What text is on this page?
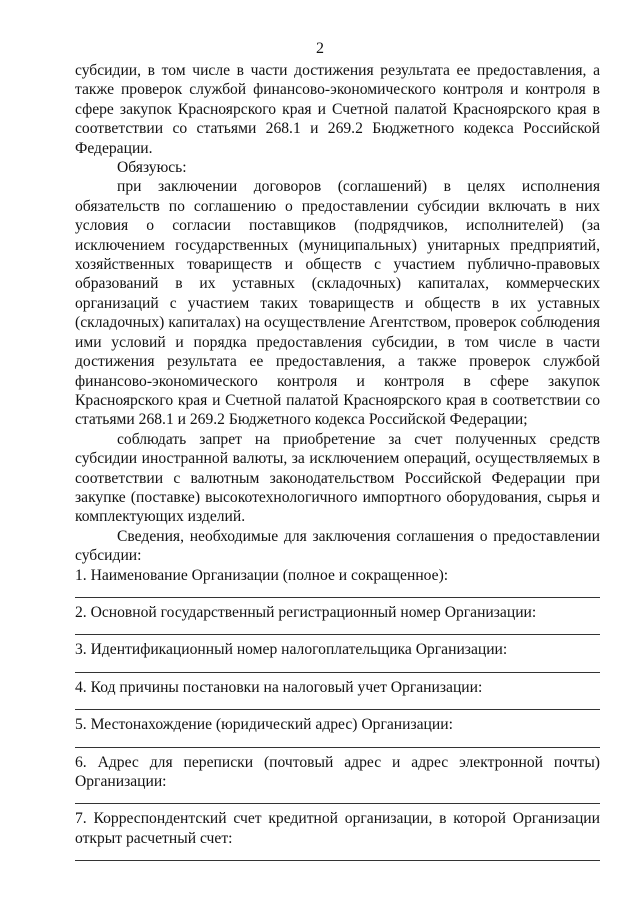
2

субсидии, в том числе в части достижения результата ее предоставления, а также проверок службой финансово-экономического контроля и контроля в сфере закупок Красноярского края и Счетной палатой Красноярского края в соответствии со статьями 268.1 и 269.2 Бюджетного кодекса Российской Федерации.

Обязуюсь:

при заключении договоров (соглашений) в целях исполнения обязательств по соглашению о предоставлении субсидии включать в них условия о согласии поставщиков (подрядчиков, исполнителей) (за исключением государственных (муниципальных) унитарных предприятий, хозяйственных товариществ и обществ с участием публично-правовых образований в их уставных (складочных) капиталах, коммерческих организаций с участием таких товариществ и обществ в их уставных (складочных) капиталах) на осуществление Агентством, проверок соблюдения ими условий и порядка предоставления субсидии, в том числе в части достижения результата ее предоставления, а также проверок службой финансово-экономического контроля и контроля в сфере закупок Красноярского края и Счетной палатой Красноярского края в соответствии со статьями 268.1 и 269.2 Бюджетного кодекса Российской Федерации;

соблюдать запрет на приобретение за счет полученных средств субсидии иностранной валюты, за исключением операций, осуществляемых в соответствии с валютным законодательством Российской Федерации при закупке (поставке) высокотехнологичного импортного оборудования, сырья и комплектующих изделий.

Сведения, необходимые для заключения соглашения о предоставлении субсидии:

1. Наименование Организации (полное и сокращенное):

2. Основной государственный регистрационный номер Организации:

3. Идентификационный номер налогоплательщика Организации:

4. Код причины постановки на налоговый учет Организации:

5. Местонахождение (юридический адрес) Организации:

6. Адрес для переписки (почтовый адрес и адрес электронной почты) Организации:

7. Корреспондентский счет кредитной организации, в которой Организации открыт расчетный счет:
